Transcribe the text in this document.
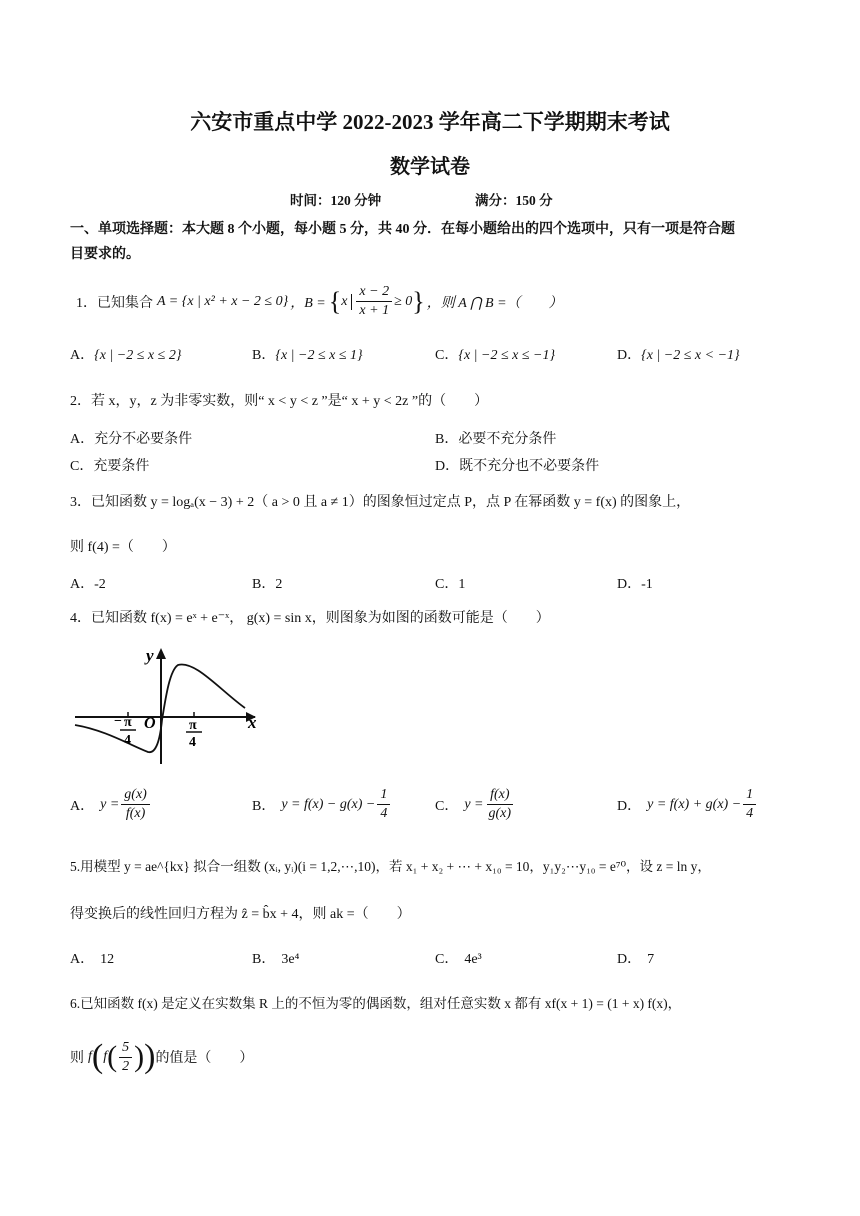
六安市重点中学 2022-2023 学年高二下学期期末考试
数学试卷
时间：120 分钟	满分：150 分
一、单项选择题：本大题 8 个小题，每小题 5 分，共 40 分．在每小题给出的四个选项中，只有一项是符合题
目要求的。
1．已知集合 A = {x | x² + x − 2 ≤ 0} ，B = { x $\frac{x - 2}{x + 1} \ge 0$ } ，则 A ⋂ B =（　　）
A．{x | −2 ≤ x ≤ 2}	B．{x | −2 ≤ x ≤ 1}	C．{x | −2 ≤ x ≤ −1}	D．{x | −2 ≤ x < −1}
2．若 x，y，z 为非零实数，则“ x < y < z ”是“ x + y < 2z ”的（　　）
A．充分不必要条件	B．必要不充分条件
C．充要条件	D．既不充分也不必要条件
3．已知函数 y = logₐ(x − 3) + 2（ a > 0 且 a ≠ 1）的图象恒过定点 P，点 P 在幂函数 y = f(x) 的图象上，
则 f(4) =（　　）
A．-2	B．2	C．1	D．-1
4．已知函数 f(x) = eˣ + e⁻ˣ， g(x) = sin x，则图象为如图的函数可能是（　　）
y
x
O
− π
4
π
4
A． $y = \frac{g(x)}{f(x)}$	B． $y = f(x) - g(x) - \frac{1}{4}$	C． $y = \frac{f(x)}{g(x)}$	D． $y = f(x) + g(x) - \frac{1}{4}$
5.用模型 y = ae^{kx} 拟合一组数 (xᵢ, yᵢ)(i = 1,2,⋯,10)，若 x₁ + x₂ + ⋯ + x₁₀ = 10，y₁y₂⋯y₁₀ = e⁷⁰，设 z = ln y，
得变换后的线性回归方程为 ẑ = b̂x + 4，则 ak =（　　）
A． 12	B． 3e⁴	C． 4e³	D． 7
6.已知函数 f(x) 是定义在实数集 R 上的不恒为零的偶函数，组对任意实数 x 都有 xf(x + 1) = (1 + x) f(x)，
则 f ( f ( $\frac{5}{2}$ ) ) 的值是（　　）
